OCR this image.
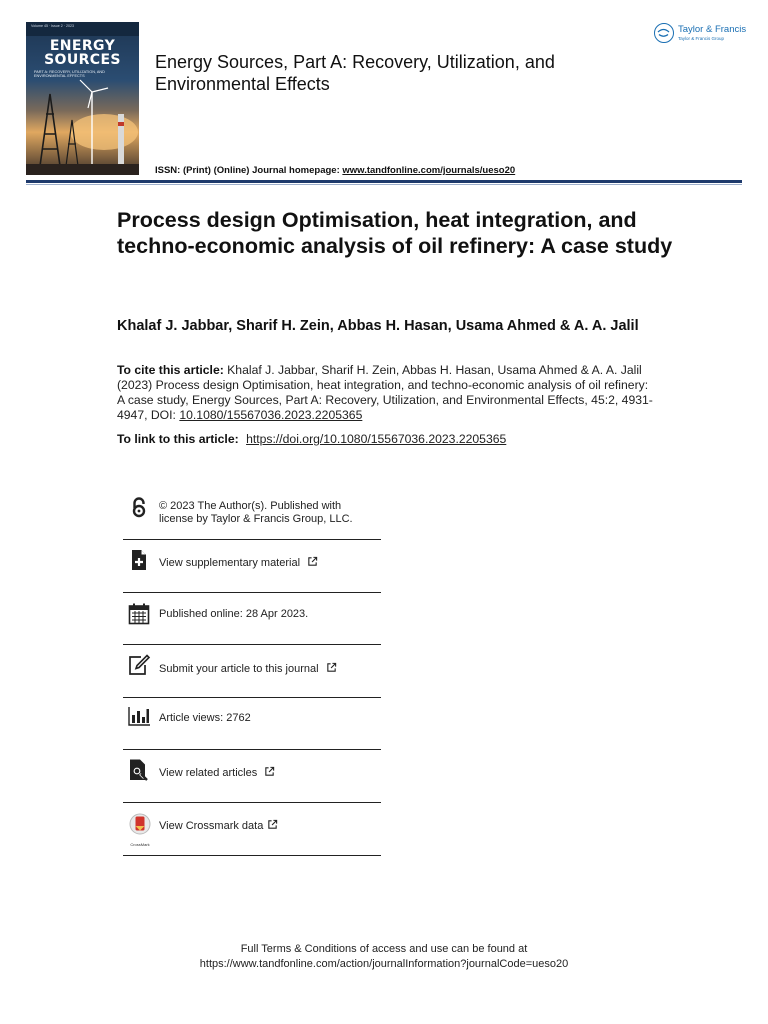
Volume 45 · Issue 2 · 2023
ENERGY
SOURCES
PART A: RECOVERY, UTILIZATION, AND ENVIRONMENTAL EFFECTS
Energy Sources, Part A: Recovery, Utilization, and Environmental Effects
ISSN: (Print) (Online) Journal homepage: www.tandfonline.com/journals/ueso20
Taylor & Francis
Taylor & Francis Group
Process design Optimisation, heat integration, and techno-economic analysis of oil refinery: A case study
Khalaf J. Jabbar, Sharif H. Zein, Abbas H. Hasan, Usama Ahmed & A. A. Jalil
To cite this article: Khalaf J. Jabbar, Sharif H. Zein, Abbas H. Hasan, Usama Ahmed & A. A. Jalil (2023) Process design Optimisation, heat integration, and techno-economic analysis of oil refinery: A case study, Energy Sources, Part A: Recovery, Utilization, and Environmental Effects, 45:2, 4931-4947, DOI: 10.1080/15567036.2023.2205365
To link to this article: https://doi.org/10.1080/15567036.2023.2205365
© 2023 The Author(s). Published with
license by Taylor & Francis Group, LLC.
View supplementary material
Published online: 28 Apr 2023.
Submit your article to this journal
Article views: 2762
View related articles
CrossMark
View Crossmark data
Full Terms & Conditions of access and use can be found at
https://www.tandfonline.com/action/journalInformation?journalCode=ueso20
